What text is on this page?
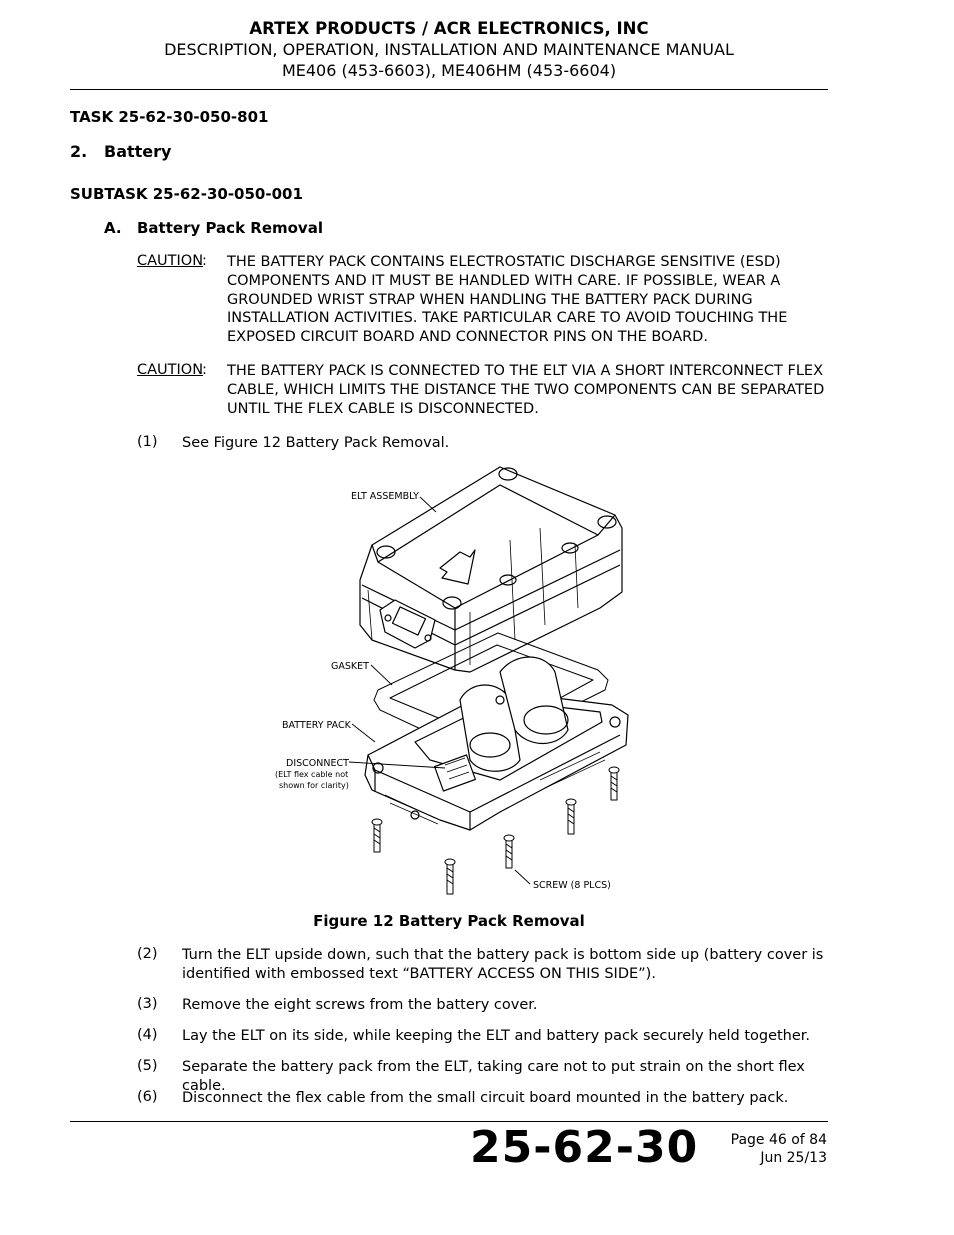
ARTEX PRODUCTS / ACR ELECTRONICS, INC
DESCRIPTION, OPERATION, INSTALLATION AND MAINTENANCE MANUAL
ME406 (453-6603), ME406HM (453-6604)
TASK 25-62-30-050-801
2. Battery
SUBTASK 25-62-30-050-001
A. Battery Pack Removal
CAUTION
: THE BATTERY PACK CONTAINS ELECTROSTATIC DISCHARGE SENSITIVE (ESD) COMPONENTS AND IT MUST BE HANDLED WITH CARE. IF POSSIBLE, WEAR A GROUNDED WRIST STRAP WHEN HANDLING THE BATTERY PACK DURING INSTALLATION ACTIVITIES. TAKE PARTICULAR CARE TO AVOID TOUCHING THE EXPOSED CIRCUIT BOARD AND CONNECTOR PINS ON THE BOARD.
CAUTION
: THE BATTERY PACK IS CONNECTED TO THE ELT VIA A SHORT INTERCONNECT FLEX CABLE, WHICH LIMITS THE DISTANCE THE TWO COMPONENTS CAN BE SEPARATED UNTIL THE FLEX CABLE IS DISCONNECTED.
(1) See Figure 12 Battery Pack Removal.
ELT ASSEMBLY
GASKET
BATTERY PACK
DISCONNECT
(ELT flex cable not
shown for clarity)
SCREW (8 PLCS)
Figure 12 Battery Pack Removal
(2) Turn the ELT upside down, such that the battery pack is bottom side up (battery cover is identified with embossed text “BATTERY ACCESS ON THIS SIDE”).
(3) Remove the eight screws from the battery cover.
(4) Lay the ELT on its side, while keeping the ELT and battery pack securely held together.
(5) Separate the battery pack from the ELT, taking care not to put strain on the short flex cable.
(6) Disconnect the flex cable from the small circuit board mounted in the battery pack.
25-62-30 Page 46 of 84
Jun 25/13
